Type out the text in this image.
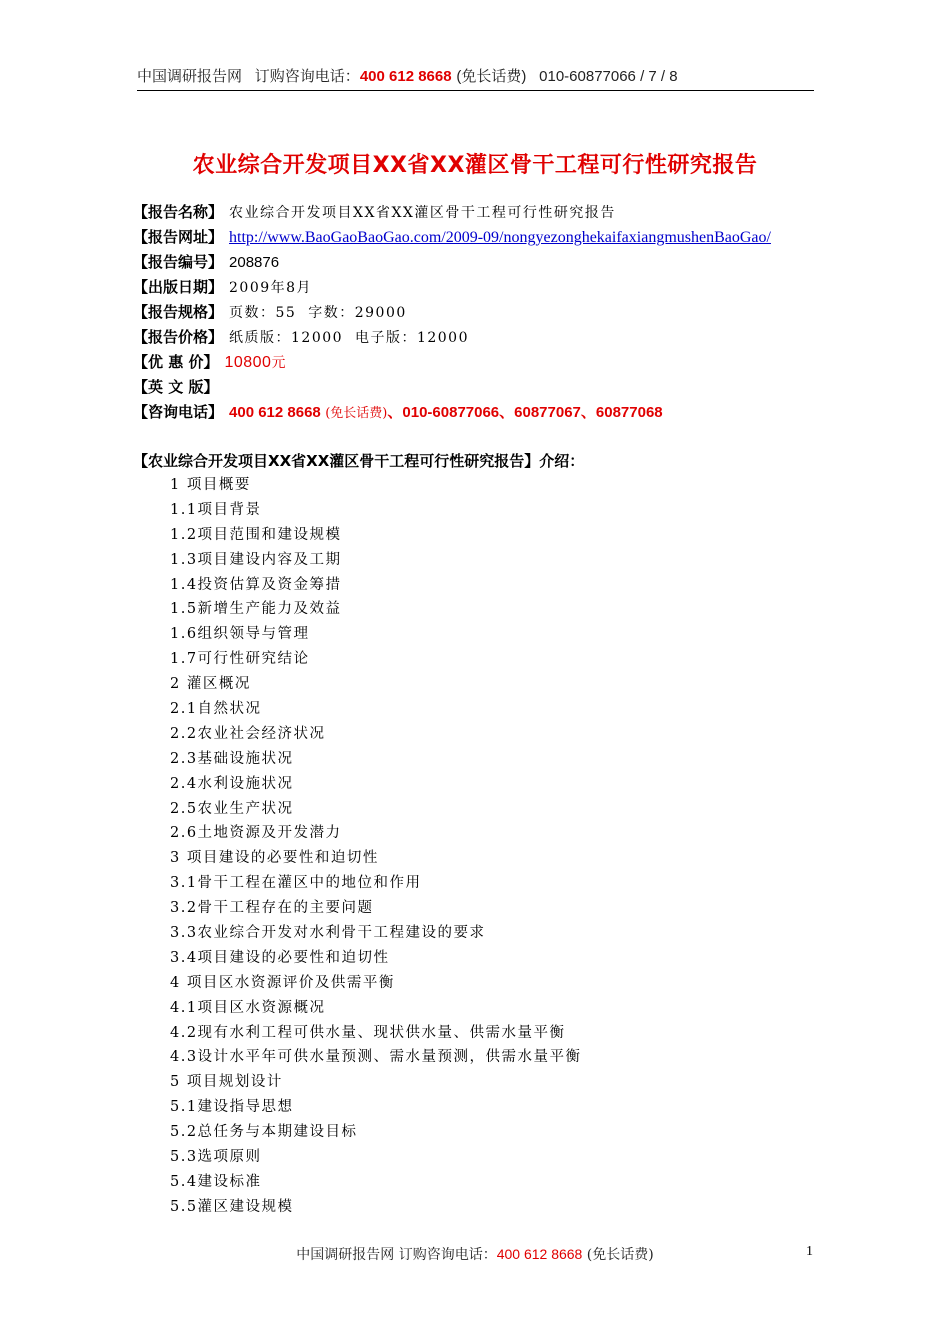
中国调研报告网 订购咨询电话：400 612 8668 (免长话费) 010-60877066 / 7 / 8
农业综合开发项目XX省XX灌区骨干工程可行性研究报告
【报告名称】 农业综合开发项目XX省XX灌区骨干工程可行性研究报告
【报告网址】 http://www.BaoGaoBaoGao.com/2009-09/nongyezonghekaifaxiangmushenBaoGao/
【报告编号】 208876
【出版日期】 2009年8月
【报告规格】 页数：55  字数：29000
【报告价格】 纸质版：12000  电子版：12000
【优 惠 价】 10800元
【英 文 版】
【咨询电话】 400 612 8668 (免长话费)、010-60877066、60877067、60877068
【农业综合开发项目XX省XX灌区骨干工程可行性研究报告】介绍：
1 项目概要
1.1项目背景
1.2项目范围和建设规模
1.3项目建设内容及工期
1.4投资估算及资金筹措
1.5新增生产能力及效益
1.6组织领导与管理
1.7可行性研究结论
2 灌区概况
2.1自然状况
2.2农业社会经济状况
2.3基础设施状况
2.4水利设施状况
2.5农业生产状况
2.6土地资源及开发潜力
3 项目建设的必要性和迫切性
3.1骨干工程在灌区中的地位和作用
3.2骨干工程存在的主要问题
3.3农业综合开发对水利骨干工程建设的要求
3.4项目建设的必要性和迫切性
4 项目区水资源评价及供需平衡
4.1项目区水资源概况
4.2现有水利工程可供水量、现状供水量、供需水量平衡
4.3设计水平年可供水量预测、需水量预测，供需水量平衡
5 项目规划设计
5.1建设指导思想
5.2总任务与本期建设目标
5.3选项原则
5.4建设标准
5.5灌区建设规模
中国调研报告网 订购咨询电话：400 612 8668 (免长话费)	1
